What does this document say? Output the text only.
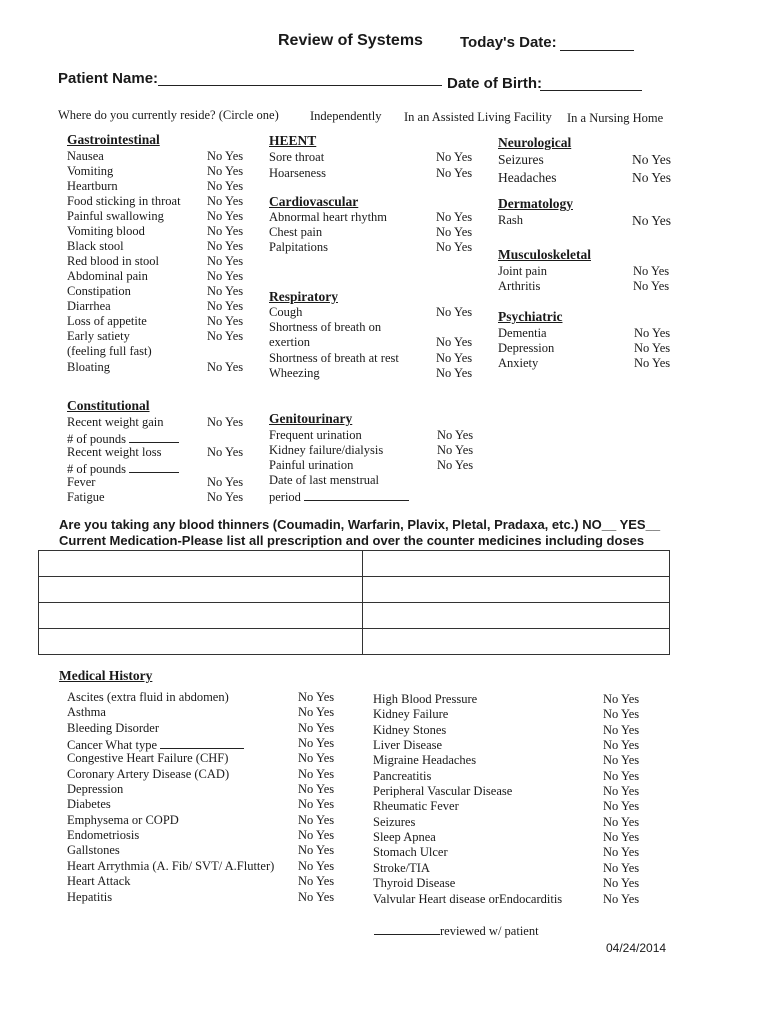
Review of Systems Today's Date:
Patient Name:	Date of Birth:
Where do you currently reside? (Circle one)	Independently In an Assisted Living Facility In a Nursing Home
Gastrointestinal
Nausea	No Yes
Vomiting	No Yes
Heartburn	No Yes
Food sticking in throat No Yes
Painful swallowing	No Yes
Vomiting blood	No Yes
Black stool	No Yes
Red blood in stool	No Yes
Abdominal pain	No Yes
Constipation	No Yes
Diarrhea	No Yes
Loss of appetite	No Yes
Early satiety	No Yes
(feeling full fast)
Bloating	No Yes
HEENT
Sore throat	No Yes
Hoarseness	No Yes
Cardiovascular
Abnormal heart rhythm	No Yes
Chest pain	No Yes
Palpitations	No Yes
Respiratory
Cough	No Yes
Shortness of breath on
exertion	No Yes
Shortness of breath at rest	No Yes
Wheezing	No Yes
Neurological
Seizures	No Yes
Headaches	No Yes
Dermatology
Rash	No Yes
Musculoskeletal
Joint pain	No Yes
Arthritis	No Yes
Psychiatric
Dementia	No Yes
Depression	No Yes
Anxiety	No Yes
Constitutional
Recent weight gain	No Yes
# of pounds
Recent weight loss	No Yes
# of pounds
Fever	No Yes
Fatigue	No Yes
Genitourinary
Frequent urination	No Yes
Kidney failure/dialysis	No Yes
Painful urination	No Yes
Date of last menstrual
period
Are you taking any blood thinners (Coumadin, Warfarin, Plavix, Pletal, Pradaxa, etc.) NO__ YES__
Current Medication-Please list all prescription and over the counter medicines including doses

Medical History
Ascites (extra fluid in abdomen)	No Yes
Asthma	No Yes
Bleeding Disorder	No Yes
Cancer What type	No Yes
Congestive Heart Failure (CHF)	No Yes
Coronary Artery Disease (CAD)	No Yes
Depression	No Yes
Diabetes	No Yes
Emphysema or COPD	No Yes
Endometriosis	No Yes
Gallstones	No Yes
Heart Arrythmia (A. Fib/ SVT/ A.Flutter) No Yes
Heart Attack	No Yes
Hepatitis	No Yes
High Blood Pressure	No Yes
Kidney Failure	No Yes
Kidney Stones	No Yes
Liver Disease	No Yes
Migraine Headaches	No Yes
Pancreatitis	No Yes
Peripheral Vascular Disease	No Yes
Rheumatic Fever	No Yes
Seizures	No Yes
Sleep Apnea	No Yes
Stomach Ulcer	No Yes
Stroke/TIA	No Yes
Thyroid Disease	No Yes
Valvular Heart disease orEndocarditis	No Yes
reviewed w/ patient
04/24/2014
